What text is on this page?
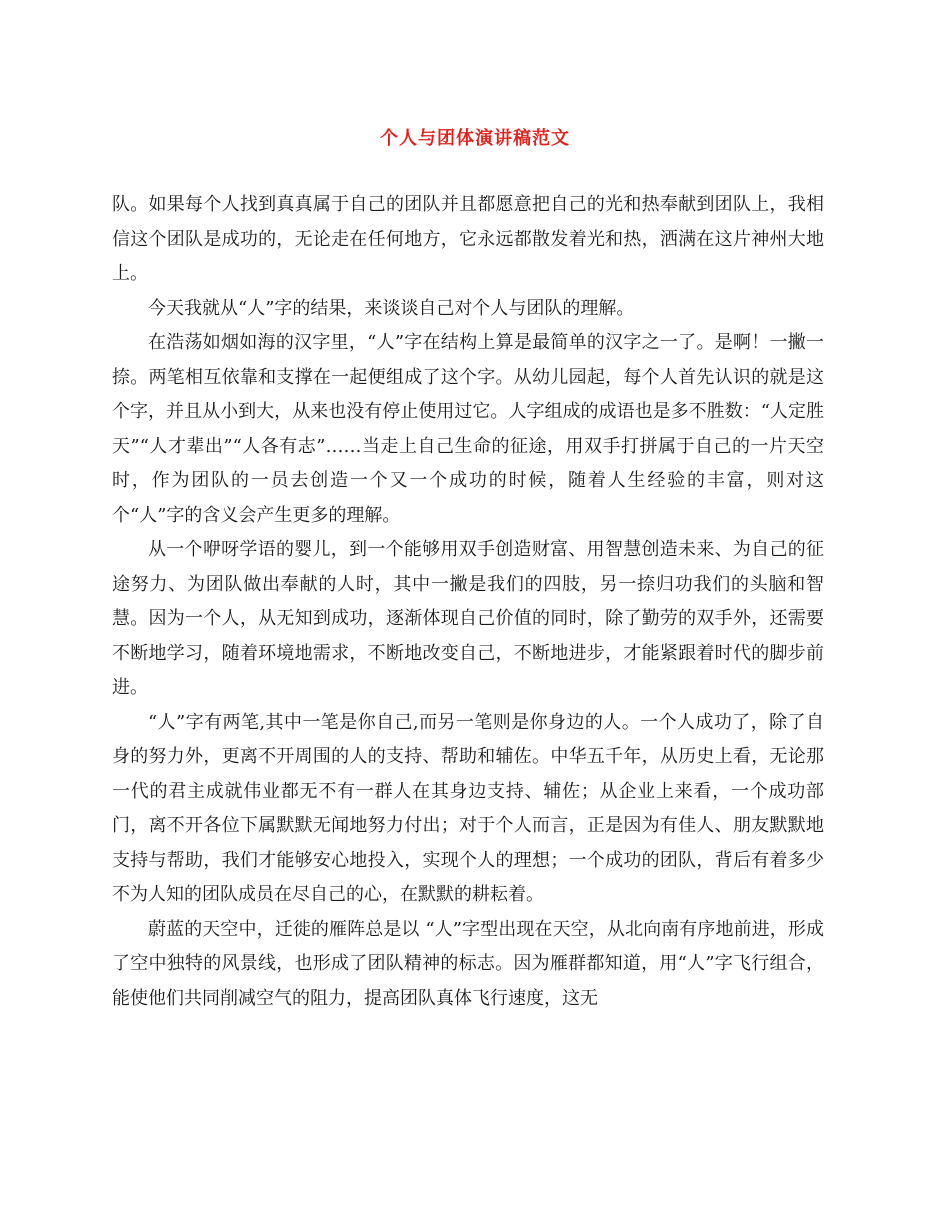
个人与团体演讲稿范文

队。如果每个人找到真真属于自己的团队并且都愿意把自己的光和热奉献到团队上，我相信这个团队是成功的，无论走在任何地方，它永远都散发着光和热，洒满在这片神州大地上。

今天我就从“人”字的结果，来谈谈自己对个人与团队的理解。

在浩荡如烟如海的汉字里，“人”字在结构上算是最简单的汉字之一了。是啊！一撇一捺。两笔相互依靠和支撑在一起便组成了这个字。从幼儿园起，每个人首先认识的就是这个字，并且从小到大，从来也没有停止使用过它。人字组成的成语也是多不胜数：“人定胜天”“人才辈出”“人各有志”……当走上自己生命的征途，用双手打拼属于自己的一片天空时，作为团队的一员去创造一个又一个成功的时候，随着人生经验的丰富，则对这个“人”字的含义会产生更多的理解。

从一个咿呀学语的婴儿，到一个能够用双手创造财富、用智慧创造未来、为自己的征途努力、为团队做出奉献的人时，其中一撇是我们的四肢，另一捺归功我们的头脑和智慧。因为一个人，从无知到成功，逐渐体现自己价值的同时，除了勤劳的双手外，还需要不断地学习，随着环境地需求，不断地改变自己，不断地进步，才能紧跟着时代的脚步前进。

“人”字有两笔,其中一笔是你自己,而另一笔则是你身边的人。一个人成功了，除了自身的努力外，更离不开周围的人的支持、帮助和辅佐。中华五千年，从历史上看，无论那一代的君主成就伟业都无不有一群人在其身边支持、辅佐；从企业上来看，一个成功部门，离不开各位下属默默无闻地努力付出；对于个人而言，正是因为有佳人、朋友默默地支持与帮助，我们才能够安心地投入，实现个人的理想；一个成功的团队，背后有着多少不为人知的团队成员在尽自己的心，在默默的耕耘着。

蔚蓝的天空中，迁徙的雁阵总是以 “人”字型出现在天空，从北向南有序地前进，形成了空中独特的风景线，也形成了团队精神的标志。因为雁群都知道，用“人”字飞行组合，能使他们共同削减空气的阻力，提高团队真体飞行速度，这无
